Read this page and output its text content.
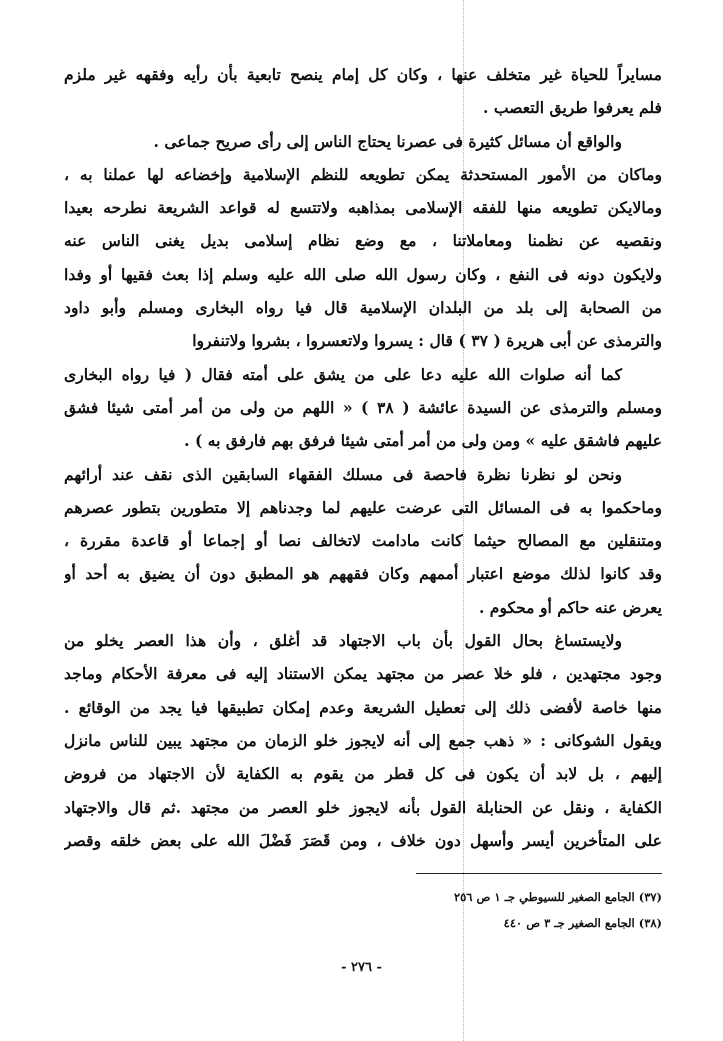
مسايراً للحياة غير متخلف عنها ، وكان كل إمام ينصح تابعية بأن رأيه وفقهه غير ملزم
فلم يعرفوا طريق التعصب .
والواقع أن مسائل كثيرة فى عصرنا يحتاج الناس إلى رأى صريح جماعى .
وماكان من الأمور المستحدثة يمكن تطويعه للنظم الإسلامية وإخضاعه لها عملنا به ،
ومالايكن تطويعه منها للفقه الإسلامى بمذاهبه ولاتتسع له قواعد الشريعة نطرحه بعيدا
ونقصيه عن نظمنا ومعاملاتنا ، مع وضع نظام إسلامى بديل يغنى الناس عنه
ولايكون دونه فى النفع ، وكان رسول الله صلى الله عليه وسلم إذا بعث فقيها أو وفدا
من الصحابة إلى بلد من البلدان الإسلامية قال فيا رواه البخارى ومسلم وأبو داود
والترمذى عن أبى هريرة ( ٣٧ ) قال : يسروا ولاتعسروا ، بشروا ولاتنفروا
كما أنه صلوات الله عليه دعا على من يشق على أمته فقال ( فيا رواه البخارى
ومسلم والترمذى عن السيدة عائشة ( ٣٨ ) « اللهم من ولى من أمر أمتى شيئا فشق
عليهم فاشقق عليه » ومن ولى من أمر أمتى شيئا فرفق بهم فارفق به ) .
ونحن لو نظرنا نظرة فاحصة فى مسلك الفقهاء السابقين الذى نقف عند أرائهم
وماحكموا به فى المسائل التى عرضت عليهم لما وجدناهم إلا متطورين بتطور عصرهم
ومتنقلين مع المصالح حيثما كانت مادامت لاتخالف نصا أو إجماعا أو قاعدة مقررة ،
وقد كانوا لذلك موضع اعتبار أممهم وكان فقههم هو المطبق دون أن يضيق به أحد أو
يعرض عنه حاكم أو محكوم .
ولايستساغ بحال القول بأن باب الاجتهاد قد أغلق ، وأن هذا العصر يخلو من
وجود مجتهدين ، فلو خلا عصر من مجتهد يمكن الاستناد إليه فى معرفة الأحكام وماجد
منها خاصة لأفضى ذلك إلى تعطيل الشريعة وعدم إمكان تطبيقها فيا يجد من الوقائع .
ويقول الشوكانى : « ذهب جمع إلى أنه لايجوز خلو الزمان من مجتهد يبين للناس مانزل
إليهم ، بل لابد أن يكون فى كل قطر من يقوم به الكفاية لأن الاجتهاد من فروض
الكفاية ، ونقل عن الحنابلة القول بأنه لايجوز خلو العصر من مجتهد .ثم قال والاجتهاد
على المتأخرين أيسر وأسهل دون خلاف ، ومن قَصَرَ فَضْلَ الله على بعض خلقه وقصر
(٣٧) الجامع الصغير للسيوطي جـ ١ ص ٢٥٦
(٣٨) الجامع الصغير جـ ٣ ص ٤٤٠
- ٢٧٦ -
